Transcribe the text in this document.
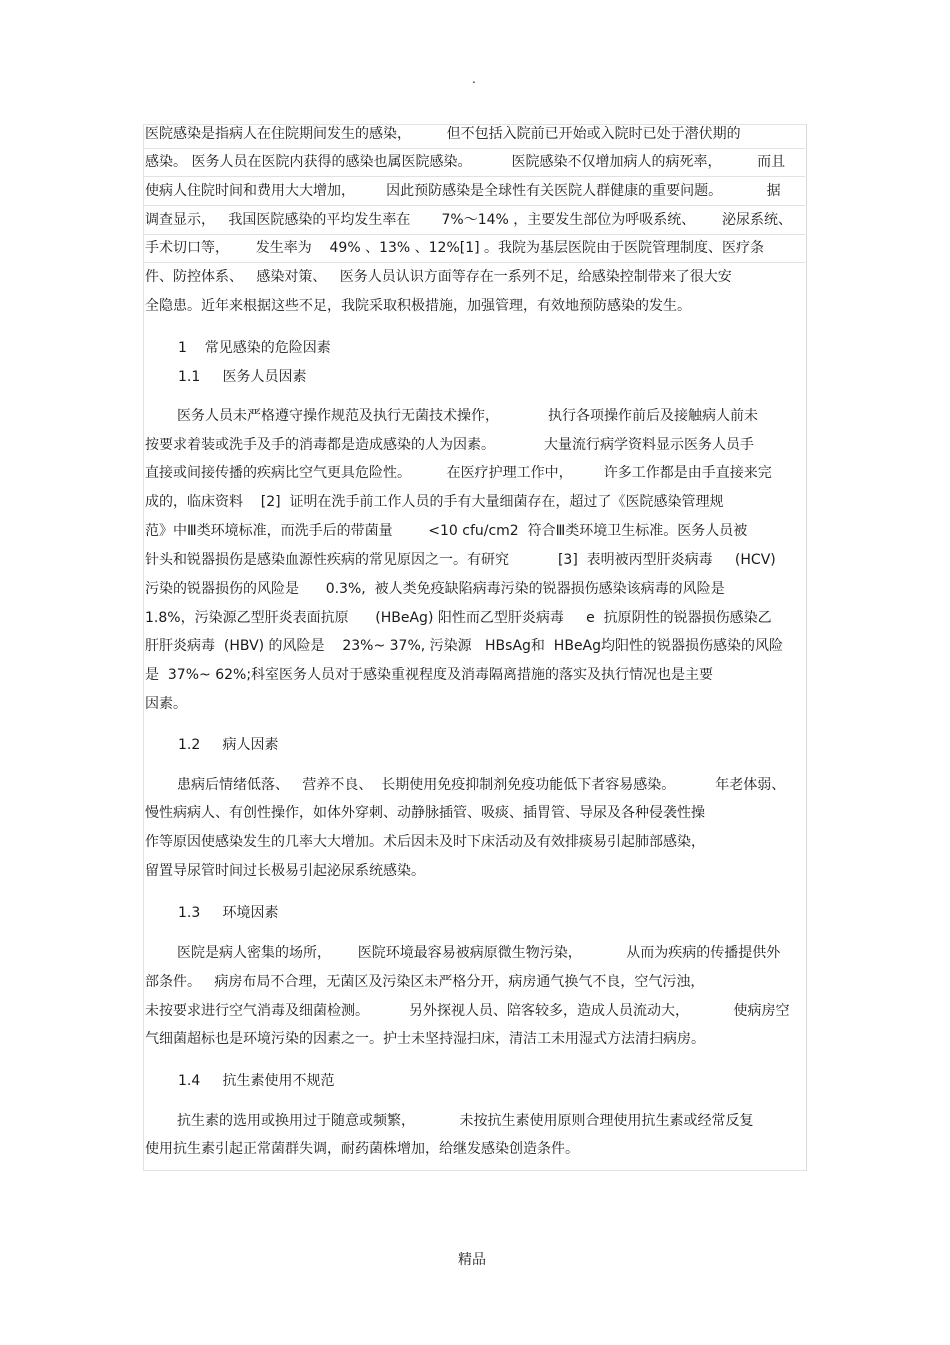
.
医院感染是指病人在住院期间发生的感染，        但不包括入院前已开始或入院时已处于潜伏期的
感染。 医务人员在医院内获得的感染也属医院感染。         医院感染不仅增加病人的病死率，        而且
使病人住院时间和费用大大增加，       因此预防感染是全球性有关医院人群健康的重要问题。          据
调查显示，   我国医院感染的平均发生率在       7%～14% ，主要发生部位为呼吸系统、      泌尿系统、
手术切口等，      发生率为    49% 、13% 、12%[1] 。我院为基层医院由于医院管理制度、医疗条
件、防控体系、   感染对策、   医务人员认识方面等存在一系列不足，给感染控制带来了很大安
全隐患。近年来根据这些不足，我院采取积极措施，加强管理，有效地预防感染的发生。
1    常见感染的危险因素
1.1     医务人员因素
医务人员未严格遵守操作规范及执行无菌技术操作，           执行各项操作前后及接触病人前未
按要求着装或洗手及手的消毒都是造成感染的人为因素。           大量流行病学资料显示医务人员手
直接或间接传播的疾病比空气更具危险性。        在医疗护理工作中，       许多工作都是由手直接来完
成的，临床资料    [2]  证明在洗手前工作人员的手有大量细菌存在，超过了《医院感染管理规
范》中Ⅲ类环境标准，而洗手后的带菌量        <10 cfu/cm2  符合Ⅲ类环境卫生标准。医务人员被
针头和锐器损伤是感染血源性疾病的常见原因之一。有研究           [3]  表明被丙型肝炎病毒     (HCV)
污染的锐器损伤的风险是      0.3%,  被人类免疫缺陷病毒污染的锐器损伤感染该病毒的风险是
1.8%，污染源乙型肝炎表面抗原      (HBeAg) 阳性而乙型肝炎病毒     e  抗原阴性的锐器损伤感染乙
肝肝炎病毒  (HBV) 的风险是    23%~ 37%, 污染源   HBsAg和  HBeAg均阳性的锐器损伤感染的风险
是  37%~ 62%;科室医务人员对于感染重视程度及消毒隔离措施的落实及执行情况也是主要
因素。
1.2     病人因素
患病后情绪低落、   营养不良、  长期使用免疫抑制剂免疫功能低下者容易感染。         年老体弱、
慢性病病人、有创性操作，如体外穿刺、动静脉插管、吸痰、插胃管、导尿及各种侵袭性操
作等原因使感染发生的几率大大增加。术后因未及时下床活动及有效排痰易引起肺部感染，
留置导尿管时间过长极易引起泌尿系统感染。
1.3     环境因素
医院是病人密集的场所，      医院环境最容易被病原微生物污染，          从而为疾病的传播提供外
部条件。   病房布局不合理，无菌区及污染区未严格分开，病房通气换气不良，空气污浊，
未按要求进行空气消毒及细菌检测。         另外探视人员、陪客较多，造成人员流动大，          使病房空
气细菌超标也是环境污染的因素之一。护士未坚持湿扫床，清洁工未用湿式方法清扫病房。
1.4     抗生素使用不规范
抗生素的选用或换用过于随意或频繁，          未按抗生素使用原则合理使用抗生素或经常反复
使用抗生素引起正常菌群失调，耐药菌株增加，给继发感染创造条件。
精品
